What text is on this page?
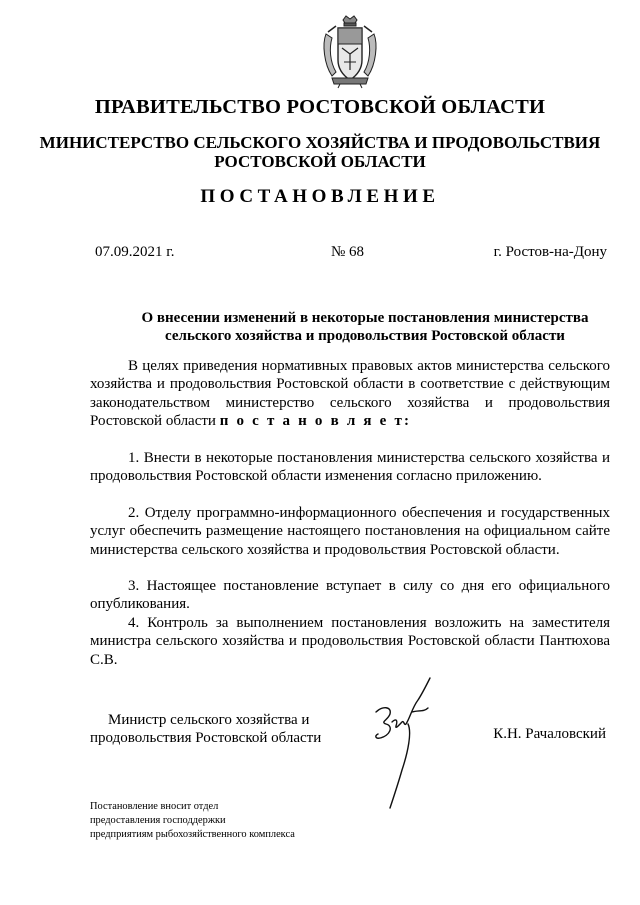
ПРАВИТЕЛЬСТВО РОСТОВСКОЙ ОБЛАСТИ
МИНИСТЕРСТВО СЕЛЬСКОГО ХОЗЯЙСТВА И ПРОДОВОЛЬСТВИЯ
РОСТОВСКОЙ ОБЛАСТИ
ПОСТАНОВЛЕНИЕ
07.09.2021 г.	№ 68	г. Ростов-на-Дону
О внесении изменений в некоторые постановления министерства
сельского хозяйства и продовольствия Ростовской области

В целях приведения нормативных правовых актов министерства сельского хозяйства и продовольствия Ростовской области в соответствие с действующим законодательством министерство сельского хозяйства и продовольствия Ростовской области п о с т а н о в л я е т:

1. Внести в некоторые постановления министерства сельского хозяйства и продовольствия Ростовской области изменения согласно приложению.

2. Отделу программно-информационного обеспечения и государственных услуг обеспечить размещение настоящего постановления на официальном сайте министерства сельского хозяйства и продовольствия Ростовской области.

3. Настоящее постановление вступает в силу со дня его официального опубликования.

4. Контроль за выполнением постановления возложить на заместителя министра сельского хозяйства и продовольствия Ростовской области Пантюхова С.В.

Министр сельского хозяйства и
продовольствия Ростовской области	К.Н. Рачаловский
Постановление вносит отдел
предоставления господдержки
предприятиям рыбохозяйственного комплекса
